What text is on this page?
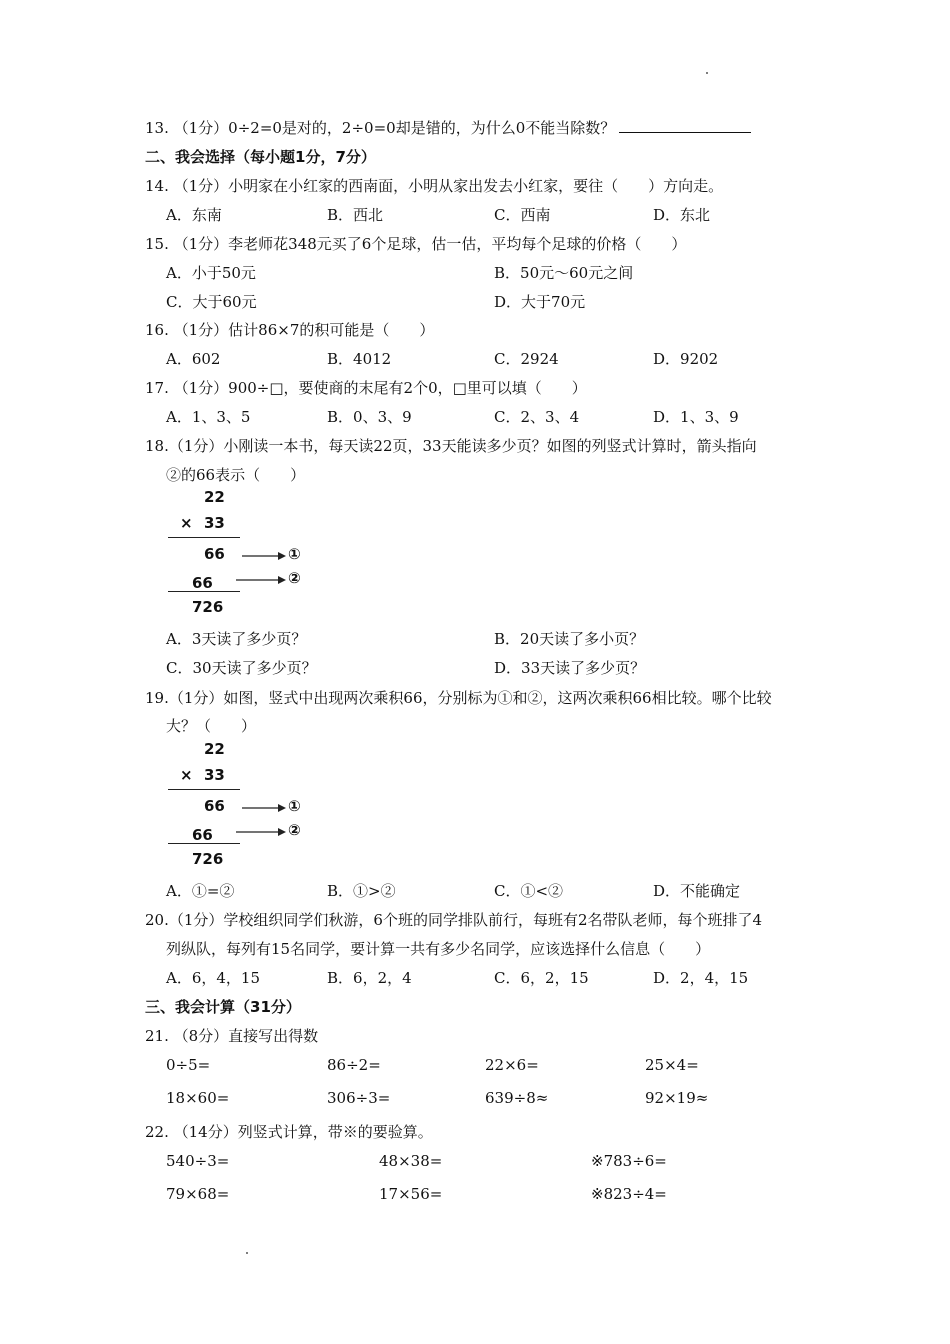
13. （1分）0÷2=0是对的，2÷0=0却是错的，为什么0不能当除数？
二、我会选择（每小题1分，7分）
14. （1分）小明家在小红家的西南面，小明从家出发去小红家，要往（　　）方向走。
A．东南	B．西北	C．西南	D．东北
15. （1分）李老师花348元买了6个足球，估一估，平均每个足球的价格（　　）
A．小于50元	B．50元～60元之间
C．大于60元	D．大于70元
16. （1分）估计86×7的积可能是（　　）
A．602	B．4012	C．2924	D．9202
17. （1分）900÷□，要使商的末尾有2个0，□里可以填（　　）
A．1、3、5	B．0、3、9	C．2、3、4	D．1、3、9
18.（1分）小刚读一本书，每天读22页，33天能读多少页？如图的列竖式计算时，箭头指向
②的66表示（　　）
22
× 33
66
66
726
①
②
A．3天读了多少页？	B．20天读了多小页？
C．30天读了多少页？	D．33天读了多少页？
19.（1分）如图，竖式中出现两次乘积66，分别标为①和②，这两次乘积66相比较。哪个比较
大？（　　）
22
× 33
66
66
726
①
②
A．①=②	B．①>②	C．①<②	D．不能确定
20.（1分）学校组织同学们秋游，6个班的同学排队前行，每班有2名带队老师，每个班排了4
列纵队，每列有15名同学，要计算一共有多少名同学，应该选择什么信息（　　）
A．6，4，15	B．6，2，4	C．6，2，15	D．2，4，15
三、我会计算（31分）
21. （8分）直接写出得数
0÷5=	86÷2=	22×6=	25×4=
18×60=	306÷3=	639÷8≈	92×19≈
22. （14分）列竖式计算，带※的要验算。
540÷3=	48×38=	※783÷6=
79×68=	17×56=	※823÷4=
